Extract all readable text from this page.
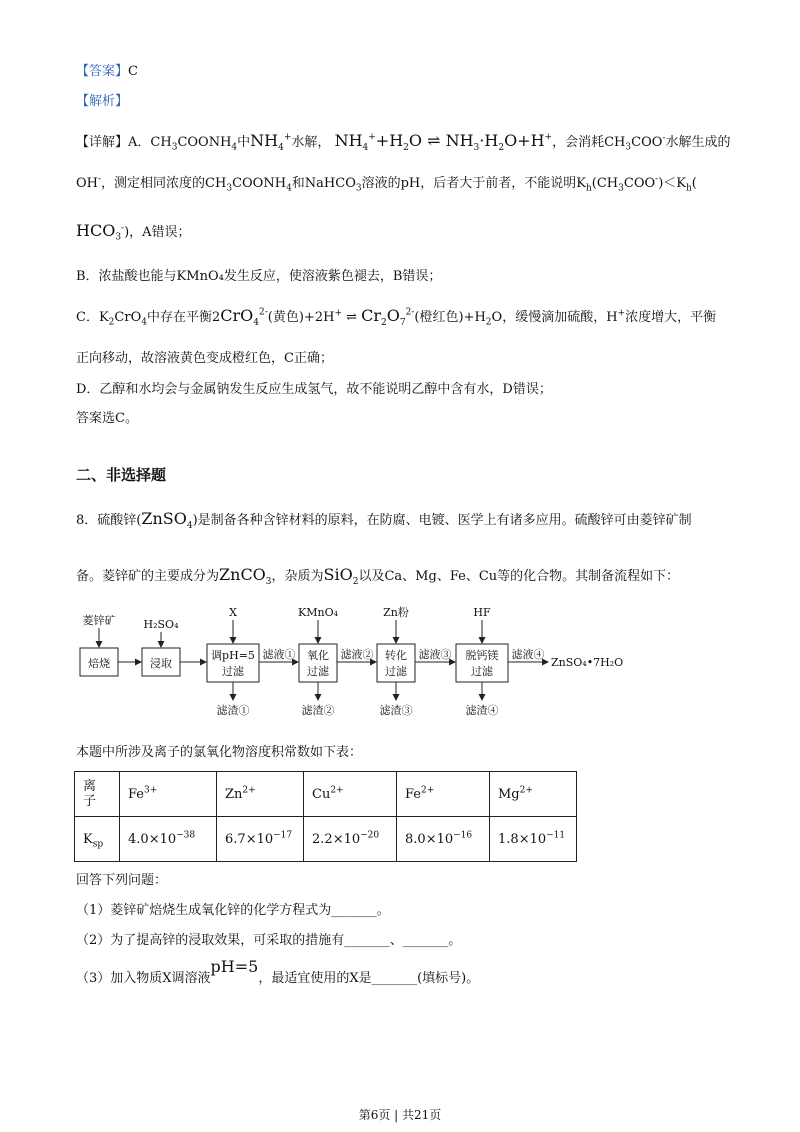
【答案】C
【解析】
【详解】A．$CH_3COONH_4$中$NH_4^+$水解， $NH_4^++H_2O$ ⇌ $NH_3\cdot H_2O+H^+$，会消耗$CH_3COO^-$水解生成的
OH-，测定相同浓度的$CH_3COONH_4$和NaHCO$_3$溶液的pH，后者大于前者，不能说明$K_h(CH_3COO^-)<K_h$(
$HCO_3^-$)，A错误；
B．浓盐酸也能与KMnO₄发生反应，使溶液紫色褪去，B错误；
C．$K_2CrO_4$中存在平衡2CrO$_4^{2-}$(黄色)+2H+ ⇌ $Cr_2O_7^{2-}$(橙红色)$+H_2O$，缓慢滴加硫酸，H+浓度增大，平衡
正向移动，故溶液黄色变成橙红色，C正确；
D．乙醇和水均会与金属钠发生反应生成氢气，故不能说明乙醇中含有水，D错误；
答案选C。
二、非选择题
8．硫酸锌(ZnSO$_4$)是制备各种含锌材料的原料，在防腐、电镀、医学上有诸多应用。硫酸锌可由菱锌矿制
备。菱锌矿的主要成分为ZnCO$_3$，杂质为SiO$_2$以及Ca、Mg、Fe、Cu等的化合物。其制备流程如下：
菱锌矿
焙烧
H₂SO₄
浸取
X
调pH=5
过滤
滤液①
KMnO₄
氧化
过滤
滤液②
Zn粉
转化
过滤
滤液③
HF
脱钙镁
过滤
滤液④
ZnSO₄•7H₂O
滤渣①	滤渣②	滤渣③	滤渣④
本题中所涉及离子的氯氧化物溶度积常数如下表：
离
子	$Fe^{3+}$	$Zn^{2+}$	$Cu^{2+}$	$Fe^{2+}$	$Mg^{2+}$
$K_{sp}$	$4.0\times 10^{-38}$	$6.7\times 10^{-17}$	$2.2\times 10^{-20}$	$8.0\times 10^{-16}$	$1.8\times 10^{-11}$
回答下列问题：
（1）菱锌矿焙烧生成氧化锌的化学方程式为_______。
（2）为了提高锌的浸取效果，可采取的措施有_______、_______。
（3）加入物质X调溶液pH=5，最适宜使用的X是_______(填标号)。
第6页 | 共21页
